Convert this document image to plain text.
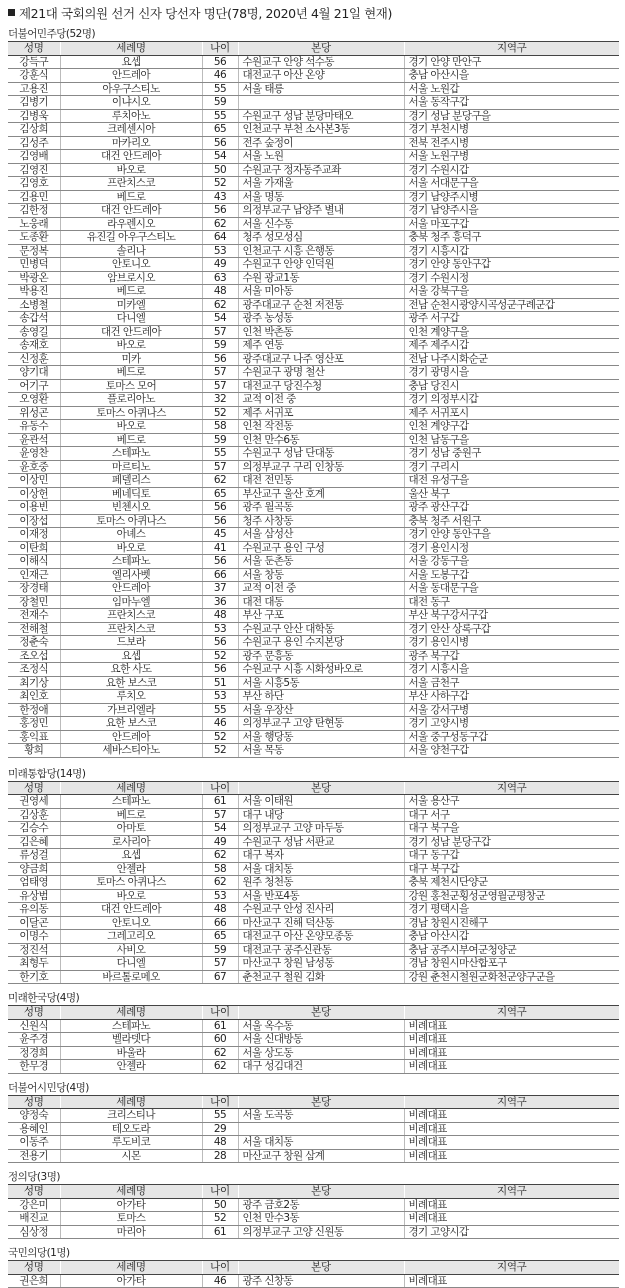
제21대 국회의원 선거 신자 당선자 명단(78명, 2020년 4월 21일 현재)
더불어민주당(52명)
성명	세례명	나이	본당	지역구
강득구	요셉	56	수원교구 안양 석수동	경기 안양 만안구
강훈식	안드레아	46	대전교구 아산 온양	충남 아산시을
고용진	아우구스티노	55	서울 태릉	서울 노원갑
김병기	이냐시오	59		서울 동작구갑
김병욱	루치아노	55	수원교구 성남 분당마태오	경기 성남 분당구을
김상희	크레센시아	65	인천교구 부천 소사본3동	경기 부천시병
김성주	마카리오	56	전주 숲정이	전북 전주시병
김영배	대건 안드레아	54	서울 노원	서울 노원구병
김영진	바오로	50	수원교구 정자동주교좌	경기 수원시갑
김영호	프란치스코	52	서울 가재울	서울 서대문구을
김용민	베드로	43	서울 명동	경기 남양주시병
김한정	대건 안드레아	56	의정부교구 남양주 별내	경기 남양주시을
노웅래	라우렌시오	62	서울 신수동	서울 마포구갑
도종환	유진길 아우구스티노	64	청주 성모성심	충북 청주 흥덕구
문정복	솔리나	53	인천교구 시흥 은행동	경기 시흥시갑
민병덕	안토니오	49	수원교구 안양 인덕원	경기 안양 동안구갑
박광온	암브로시오	63	수원 광교1동	경기 수원시정
박용진	베드로	48	서울 미아동	서울 강북구을
소병철	미카엘	62	광주대교구 순천 저전동	전남 순천시광양시곡성군구례군갑
송갑석	다니엘	54	광주 농성동	광주 서구갑
송영길	대건 안드레아	57	인천 박촌동	인천 계양구을
송재호	바오로	59	제주 연동	제주 제주시갑
신정훈	미카	56	광주대교구 나주 영산포	전남 나주시화순군
양기대	베드로	57	수원교구 광명 철산	경기 광명시을
어기구	토마스 모어	57	대전교구 당진수청	충남 당진시
오영환	플로리아노	32	교적 이전 중	경기 의정부시갑
위성곤	토마스 아퀴나스	52	제주 서귀포	제주 서귀포시
유동수	바오로	58	인천 작전동	인천 계양구갑
윤관석	베드로	59	인천 만수6동	인천 남동구을
윤영찬	스테파노	55	수원교구 성남 단대동	경기 성남 중원구
윤호중	마르티노	57	의정부교구 구리 인창동	경기 구리시
이상민	페델리스	62	대전 전민동	대전 유성구을
이상헌	베네딕토	65	부산교구 울산 호계	울산 북구
이용빈	빈첸시오	56	광주 월곡동	광주 광산구갑
이장섭	토마스 아퀴나스	56	청주 사창동	충북 청주 서원구
이재정	아녜스	45	서울 삼성산	경기 안양 동안구을
이탄희	바오로	41	수원교구 용인 구성	경기 용인시정
이해식	스테파노	56	서울 둔촌동	서울 강동구을
인재근	엘리사벳	66	서울 창동	서울 도봉구갑
장경태	안드레아	37	교적 이전 중	서울 동대문구을
장철민	임마누엘	36	대전 대동	대전 동구
전재수	프란치스코	48	부산 구포	부산 북구강서구갑
전해철	프란치스코	53	수원교구 안산 대학동	경기 안산 상록구갑
정춘숙	드보라	56	수원교구 용인 수지본당	경기 용인시병
조오섭	요셉	52	광주 문흥동	광주 북구갑
조정식	요한 사도	56	수원교구 시흥 시화성바오로	경기 시흥시을
최기상	요한 보스코	51	서울 시흥5동	서울 금천구
최인호	루치오	53	부산 하단	부산 사하구갑
한정애	가브리엘라	55	서울 우장산	서울 강서구병
홍정민	요한 보스코	46	의정부교구 고양 탄현동	경기 고양시병
홍익표	안드레아	52	서울 행당동	서울 중구성동구갑
황희	세바스티아노	52	서울 목동	서울 양천구갑
미래통합당(14명)
성명	세례명	나이	본당	지역구
권영세	스테파노	61	서울 이태원	서울 용산구
김상훈	베드로	57	대구 내당	대구 서구
김승수	아마토	54	의정부교구 고양 마두동	대구 북구을
김은혜	로사리아	49	수원교구 성남 서판교	경기 성남 분당구갑
류성걸	요셉	62	대구 복자	대구 동구갑
양금희	안젤라	58	서울 대치동	대구 북구갑
엄태영	토마스 아퀴나스	62	원주 청천동	충북 제천시단양군
유상범	바오로	53	서울 반포4동	강원 홍천군횡성군영월군평창군
유의동	대건 안드레아	48	수원교구 안성 진사리	경기 평택시을
이달곤	안토니오	66	마산교구 진해 덕산동	경남 창원시진해구
이명수	그레고리오	65	대전교구 아산 온양모종동	충남 아산시갑
정진석	사비오	59	대전교구 공주신관동	충남 공주시부여군청양군
최형두	다니엘	57	마산교구 창원 남성동	경남 창원시마산합포구
한기호	바르톨로메오	67	춘천교구 철원 김화	강원 춘천시철원군화천군양구군을
미래한국당(4명)
성명	세례명	나이	본당	지역구
신원식	스테파노	61	서울 옥수동	비례대표
윤주경	벨라뎃다	60	서울 신대방동	비례대표
정경희	바울라	62	서울 상도동	비례대표
한무경	안젤라	62	대구 성김대건	비례대표
더불어시민당(4명)
성명	세례명	나이	본당	지역구
양정숙	크리스티나	55	서울 도곡동	비례대표
용혜인	테오도라	29		비례대표
이동주	루도비코	48	서울 대치동	비례대표
전용기	시몬	28	마산교구 창원 삼계	비례대표
정의당(3명)
성명	세례명	나이	본당	지역구
강은미	아가타	50	광주 금호2동	비례대표
배진교	토마스	52	인천 만수3동	비례대표
심상정	마리아	61	의정부교구 고양 신원동	경기 고양시갑
국민의당(1명)
성명	세례명	나이	본당	지역구
권은희	아가타	46	광주 신창동	비례대표
